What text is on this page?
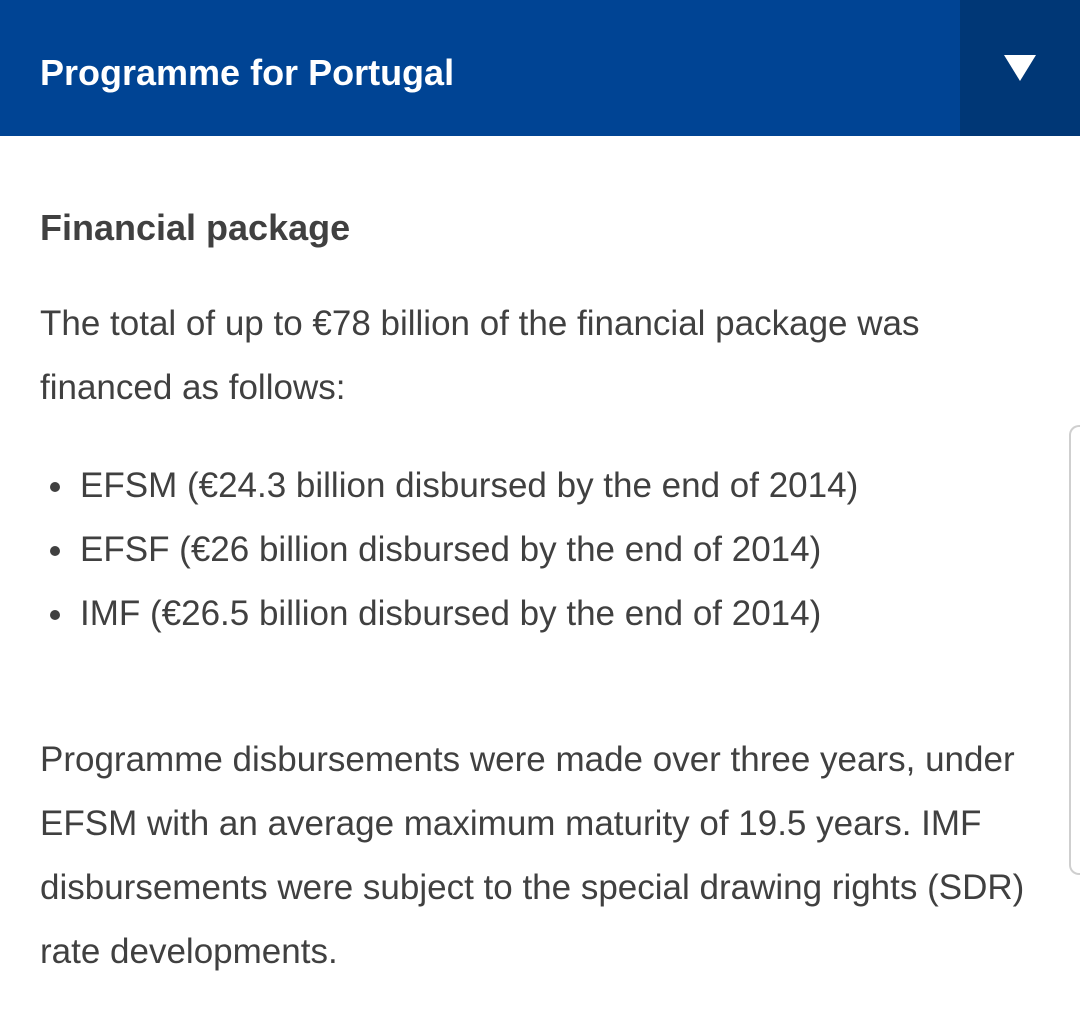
Programme for Portugal
Financial package

The total of up to €78 billion of the financial package was financed as follows:

EFSM (€24.3 billion disbursed by the end of 2014)
EFSF (€26 billion disbursed by the end of 2014)
IMF (€26.5 billion disbursed by the end of 2014)

Programme disbursements were made over three years, under EFSM with an average maximum maturity of 19.5 years. IMF disbursements were subject to the special drawing rights (SDR) rate developments.
